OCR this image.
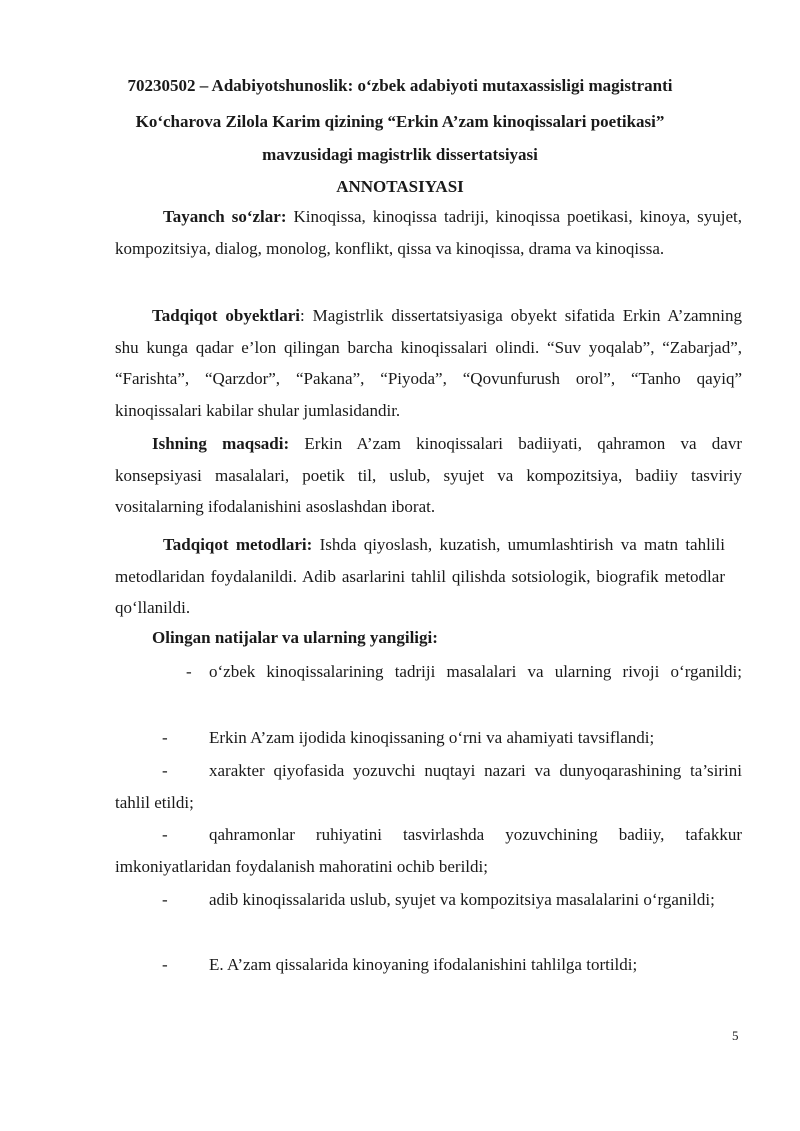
70230502 – Adabiyotshunoslik: o‘zbek adabiyoti mutaxassisligi magistranti
Ko‘charova Zilola Karim qizining “Erkin A’zam kinoqissalari poetikasi”
mavzusidagi magistrlik dissertatsiyasi
ANNOTASIYASI
Tayanch so‘zlar: Kinoqissa, kinoqissa tadriji, kinoqissa poetikasi, kinoya, syujet, kompozitsiya, dialog, monolog, konflikt, qissa va kinoqissa, drama va kinoqissa.
Tadqiqot obyektlari: Magistrlik dissertatsiyasiga obyekt sifatida Erkin A’zamning shu kunga qadar e’lon qilingan barcha kinoqissalari olindi. “Suv yoqalab”, “Zabarjad”, “Farishta”, “Qarzdor”, “Pakana”, “Piyoda”, “Qovunfurush orol”, “Tanho qayiq” kinoqissalari kabilar shular jumlasidandir.
Ishning maqsadi: Erkin A’zam kinoqissalari badiiyati, qahramon va davr konsepsiyasi masalalari, poetik til, uslub, syujet va kompozitsiya, badiiy tasviriy vositalarning ifodalanishini asoslashdan iborat.
Tadqiqot metodlari: Ishda qiyoslash, kuzatish, umumlashtirish va matn tahlili metodlaridan foydalanildi. Adib asarlarini tahlil qilishda sotsiologik, biografik metodlar qo‘llanildi.
Olingan natijalar va ularning yangiligi:
- o‘zbek kinoqissalarining tadriji masalalari va ularning rivoji o‘rganildi;
- Erkin A’zam ijodida kinoqissaning o‘rni va ahamiyati tavsiflandi;
-	xarakter qiyofasida yozuvchi nuqtayi nazari va dunyoqarashining ta’sirini tahlil etildi;
-	qahramonlar ruhiyatini tasvirlashda yozuvchining badiiy, tafakkur imkoniyatlaridan foydalanish mahoratini ochib berildi;
-	adib kinoqissalarida uslub, syujet va kompozitsiya masalalarini o‘rganildi;
- E. A’zam qissalarida kinoyaning ifodalanishini tahlilga tortildi;
5
